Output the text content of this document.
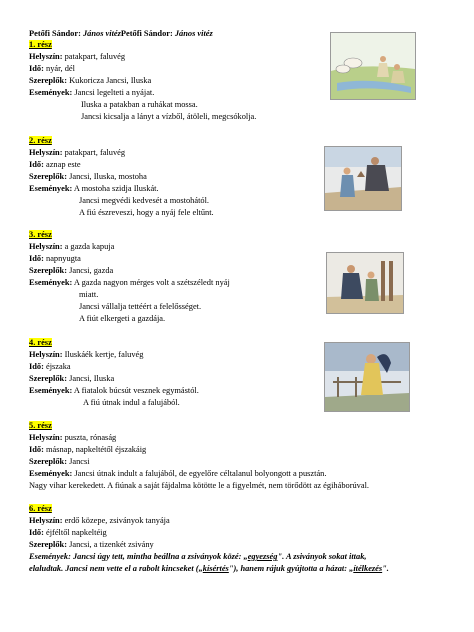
Petőfi Sándor: János vitézPetőfi Sándor: János vitéz
1. rész
Helyszín: patakpart, faluvég
Idő: nyár, dél
Szereplők: Kukoricza Jancsi, Iluska
Események: Jancsi legelteti a nyájat.
Iluska a patakban a ruhákat mossa.
Jancsi kicsalja a lányt a vízből, átöleli, megcsókolja.
2. rész
Helyszín: patakpart, faluvég
Idő: aznap este
Szereplők: Jancsi, Iluska, mostoha
Események: A mostoha szidja Iluskát.
Jancsi megvédi kedvesét a mostohától.
A fiú észreveszi, hogy a nyáj fele eltűnt.
3. rész
Helyszín: a gazda kapuja
Idő: napnyugta
Szereplők: Jancsi, gazda
Események: A gazda nagyon mérges volt a szétszéledt nyáj
miatt.
Jancsi vállalja tettéért a felelősséget.
A fiút elkergeti a gazdája.
4. rész
Helyszín: Iluskáék kertje, faluvég
Idő: éjszaka
Szereplők: Jancsi, Iluska
Események: A fiatalok búcsút vesznek egymástól.
A fiú útnak indul a falujából.
5. rész
Helyszín: puszta, rónaság
Idő: másnap, napkeltétől éjszakáig
Szereplők: Jancsi
Események: Jancsi útnak indult a falujából, de egyelőre céltalanul bolyongott a pusztán.
Nagy vihar kerekedett. A fiúnak a saját fájdalma kötötte le a figyelmét, nem törődött az égiháborúval.
6. rész
Helyszín: erdő közepe, zsiványok tanyája
Idő: éjféltől napkeltéig
Szereplők: Jancsi, a tizenkét zsivány
Események: Jancsi úgy tett, mintha beállna a zsiványok közé: „egyezség". A zsiványok sokat ittak,
elaludtak. Jancsi nem vette el a rabolt kincseket („kísértés"), hanem rájuk gyújtotta a házat: „ítélkezés".
